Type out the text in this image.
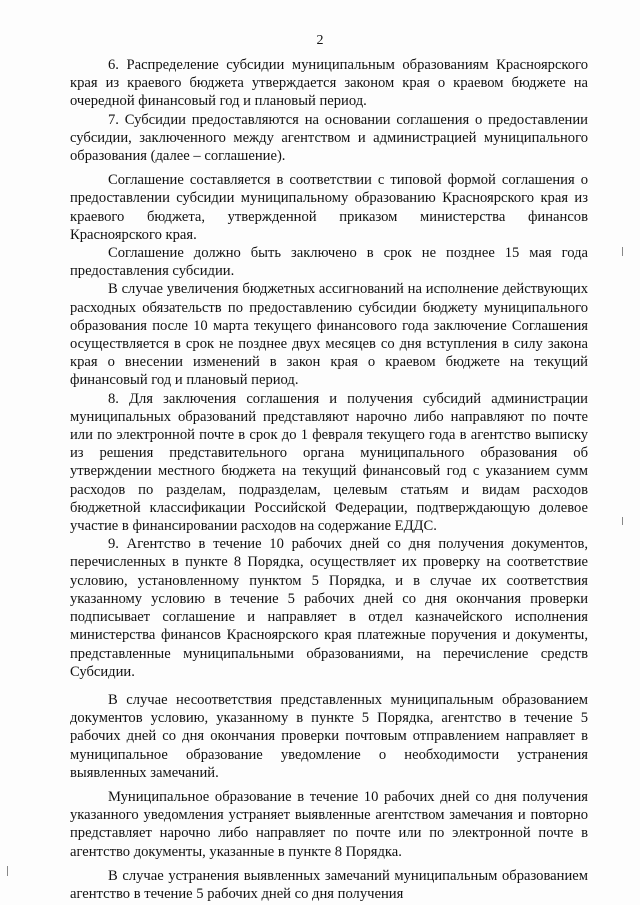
2

6. Распределение субсидии муниципальным образованиям Красноярского края из краевого бюджета утверждается законом края о краевом бюджете на очередной финансовый год и плановый период.

7. Субсидии предоставляются на основании соглашения о предоставлении субсидии, заключенного между агентством и администрацией муниципального образования (далее – соглашение).

Соглашение составляется в соответствии с типовой формой соглашения о предоставлении субсидии муниципальному образованию Красноярского края из краевого бюджета, утвержденной приказом министерства финансов Красноярского края.

Соглашение должно быть заключено в срок не позднее 15 мая года предоставления субсидии.

В случае увеличения бюджетных ассигнований на исполнение действующих расходных обязательств по предоставлению субсидии бюджету муниципального образования после 10 марта текущего финансового года заключение Соглашения осуществляется в срок не позднее двух месяцев со дня вступления в силу закона края о внесении изменений в закон края о краевом бюджете на текущий финансовый год и плановый период.

8. Для заключения соглашения и получения субсидий администрации муниципальных образований представляют нарочно либо направляют по почте или по электронной почте в срок до 1 февраля текущего года в агентство выписку из решения представительного органа муниципального образования об утверждении местного бюджета на текущий финансовый год с указанием сумм расходов по разделам, подразделам, целевым статьям и видам расходов бюджетной классификации Российской Федерации, подтверждающую долевое участие в финансировании расходов на содержание ЕДДС.

9. Агентство в течение 10 рабочих дней со дня получения документов, перечисленных в пункте 8 Порядка, осуществляет их проверку на соответствие условию, установленному пунктом 5 Порядка, и в случае их соответствия указанному условию в течение 5 рабочих дней со дня окончания проверки подписывает соглашение и направляет в отдел казначейского исполнения министерства финансов Красноярского края платежные поручения и документы, представленные муниципальными образованиями, на перечисление средств Субсидии.

В случае несоответствия представленных муниципальным образованием документов условию, указанному в пункте 5 Порядка, агентство в течение 5 рабочих дней со дня окончания проверки почтовым отправлением направляет в муниципальное образование уведомление о необходимости устранения выявленных замечаний.

Муниципальное образование в течение 10 рабочих дней со дня получения указанного уведомления устраняет выявленные агентством замечания и повторно представляет нарочно либо направляет по почте или по электронной почте в агентство документы, указанные в пункте 8 Порядка.

В случае устранения выявленных замечаний муниципальным образованием агентство в течение 5 рабочих дней со дня получения
